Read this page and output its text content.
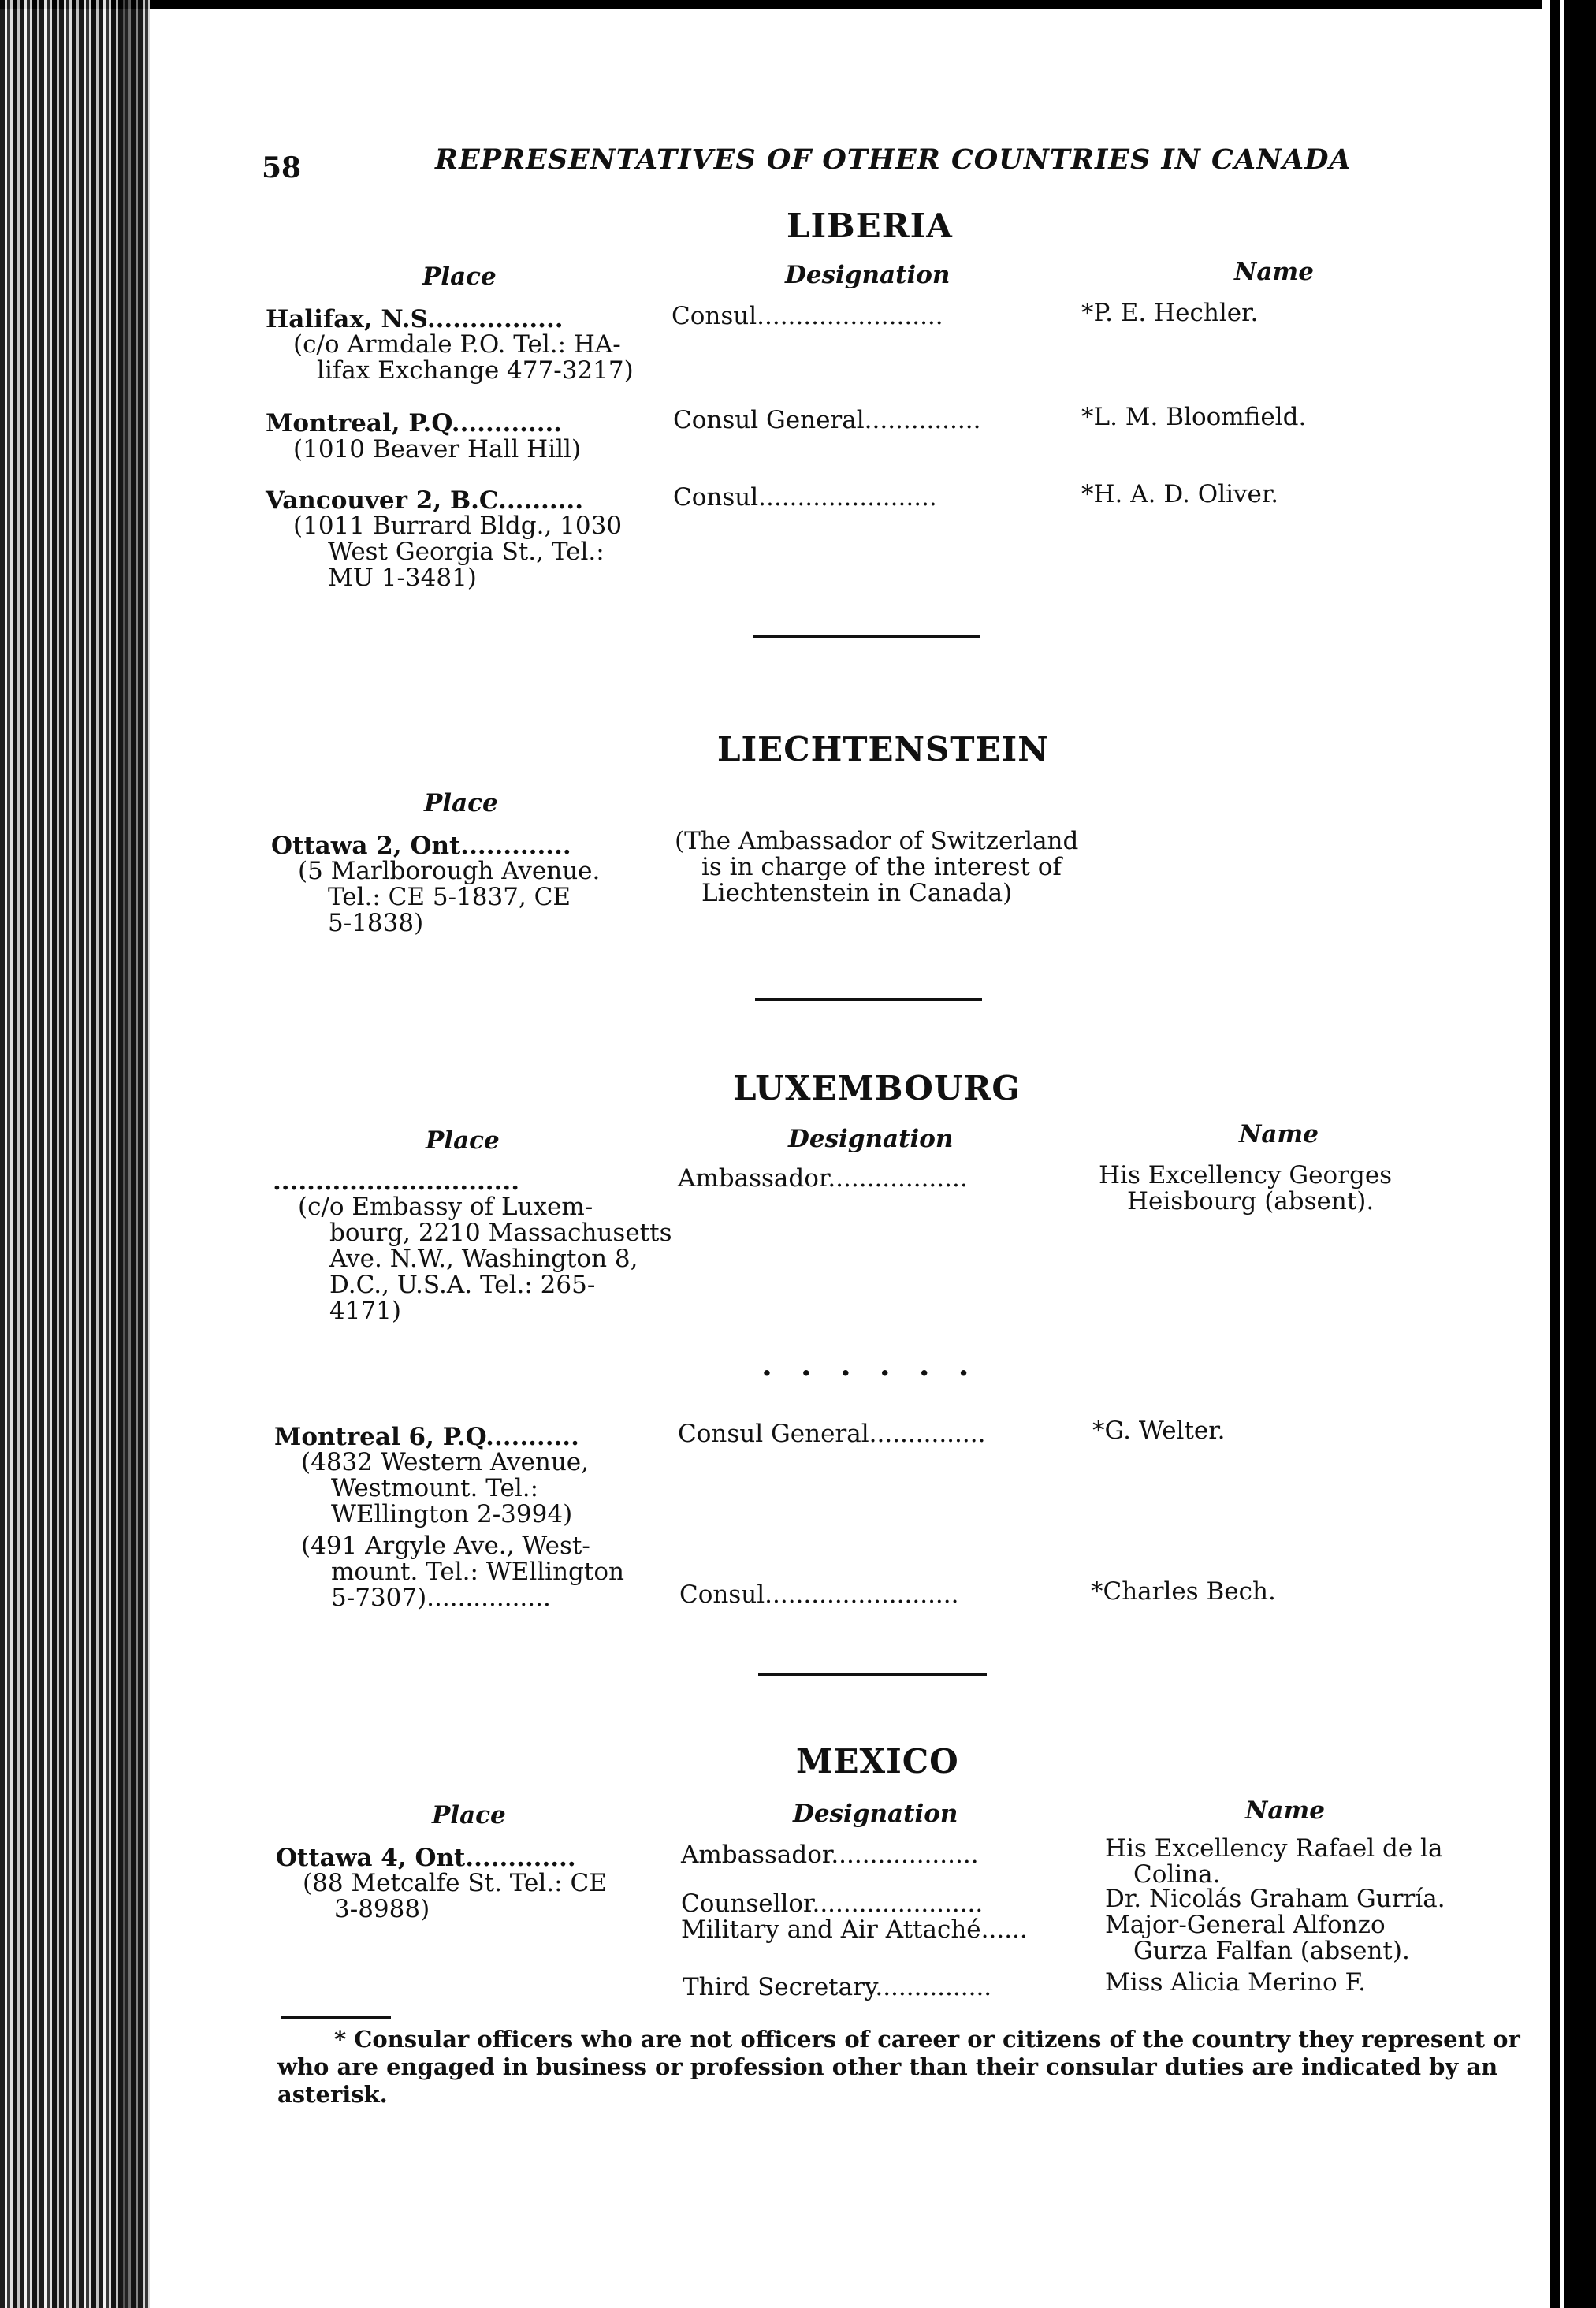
58	REPRESENTATIVES OF OTHER COUNTRIES IN CANADA
LIBERIA
Place	Designation	Name
Halifax, N.S................
(c/o Armdale P.O. Tel.: HA-
lifax Exchange 477-3217)
Consul........................	*P. E. Hechler.
Montreal, P.Q.............
(1010 Beaver Hall Hill)
Consul General...............	*L. M. Bloomfield.
Vancouver 2, B.C..........
(1011 Burrard Bldg., 1030
West Georgia St., Tel.:
MU 1-3481)
Consul.......................	*H. A. D. Oliver.
LIECHTENSTEIN
Place
Ottawa 2, Ont.............
(5 Marlborough Avenue.
Tel.: CE 5-1837, CE
5-1838)
(The Ambassador of Switzerland
is in charge of the interest of
Liechtenstein in Canada)
LUXEMBOURG
Place	Designation	Name
.............................
(c/o Embassy of Luxem-
bourg, 2210 Massachusetts
Ave. N.W., Washington 8,
D.C., U.S.A. Tel.: 265-
4171)
Ambassador..................	His Excellency Georges
Heisbourg (absent).
......
Montreal 6, P.Q...........
(4832 Western Avenue,
Westmount. Tel.:
WEllington 2-3994)
Consul General...............	*G. Welter.
(491 Argyle Ave., West-
mount. Tel.: WEllington
5-7307)................	Consul.........................	*Charles Bech.
MEXICO
Place	Designation	Name
Ottawa 4, Ont.............
(88 Metcalfe St. Tel.: CE
3-8988)
Ambassador...................	His Excellency Rafael de la
Colina.
Counsellor......................	Dr. Nicolás Graham Gurría.
Military and Air Attaché......	Major-General Alfonzo
Gurza Falfan (absent).
Third Secretary...............	Miss Alicia Merino F.
* Consular officers who are not officers of career or citizens of the country they represent or
who are engaged in business or profession other than their consular duties are indicated by an
asterisk.
